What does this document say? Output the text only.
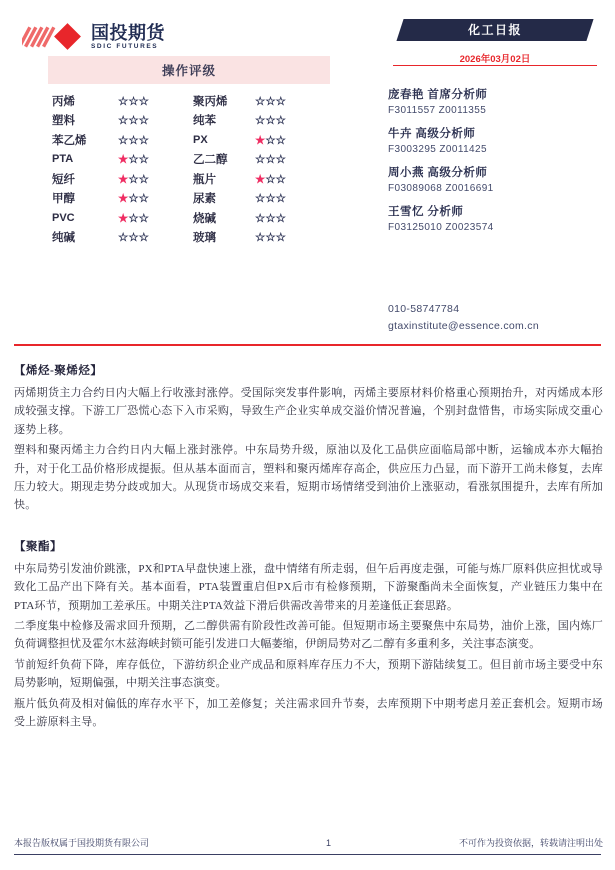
国投期货
SDIC FUTURES
操作评级
丙烯	☆☆☆	聚丙烯	☆☆☆
塑料	☆☆☆	纯苯	☆☆☆
苯乙烯	☆☆☆	PX	★☆☆
PTA	★☆☆	乙二醇	☆☆☆
短纤	★☆☆	瓶片	★☆☆
甲醇	★☆☆	尿素	☆☆☆
PVC	★☆☆	烧碱	☆☆☆
纯碱	☆☆☆	玻璃	☆☆☆
化工日报
2026年03月02日
庞春艳 首席分析师
F3011557 Z0011355
牛卉 高级分析师
F3003295 Z0011425
周小燕 高级分析师
F03089068 Z0016691
王雪忆 分析师
F03125010 Z0023574
010-58747784
gtaxinstitute@essence.com.cn
【烯烃-聚烯烃】
丙烯期货主力合约日内大幅上行收涨封涨停。受国际突发事件影响，丙烯主要原材料价格重心预期抬升，对丙烯成本形成较强支撑。下游工厂恐慌心态下入市采购，导致生产企业实单成交溢价情况普遍，个别封盘惜售，市场实际成交重心逐势上移。
塑料和聚丙烯主力合约日内大幅上涨封涨停。中东局势升级，原油以及化工品供应面临局部中断，运输成本亦大幅抬升，对于化工品价格形成提振。但从基本面而言，塑料和聚丙烯库存高企，供应压力凸显，而下游开工尚未修复，去库压力较大。期现走势分歧或加大。从现货市场成交来看，短期市场情绪受到油价上涨驱动，看涨氛围提升，去库有所加快。
【聚酯】
中东局势引发油价跳涨，PX和PTA早盘快速上涨，盘中情绪有所走弱，但午后再度走强，可能与炼厂原料供应担忧或导致化工品产出下降有关。基本面看，PTA装置重启但PX后市有检修预期，下游聚酯尚未全面恢复，产业链压力集中在PTA环节，预期加工差承压。中期关注PTA效益下滑后供需改善带来的月差逢低正套思路。
二季度集中检修及需求回升预期，乙二醇供需有阶段性改善可能。但短期市场主要聚焦中东局势，油价上涨，国内炼厂负荷调整担忧及霍尔木兹海峡封锁可能引发进口大幅萎缩，伊朗局势对乙二醇有多重利多，关注事态演变。
节前短纤负荷下降，库存低位，下游纺织企业产成品和原料库存压力不大，预期下游陆续复工。但目前市场主要受中东局势影响，短期偏强，中期关注事态演变。
瓶片低负荷及相对偏低的库存水平下，加工差修复；关注需求回升节奏，去库预期下中期考虑月差正套机会。短期市场受上游原料主导。
本报告版权属于国投期货有限公司	1	不可作为投资依据，转载请注明出处
